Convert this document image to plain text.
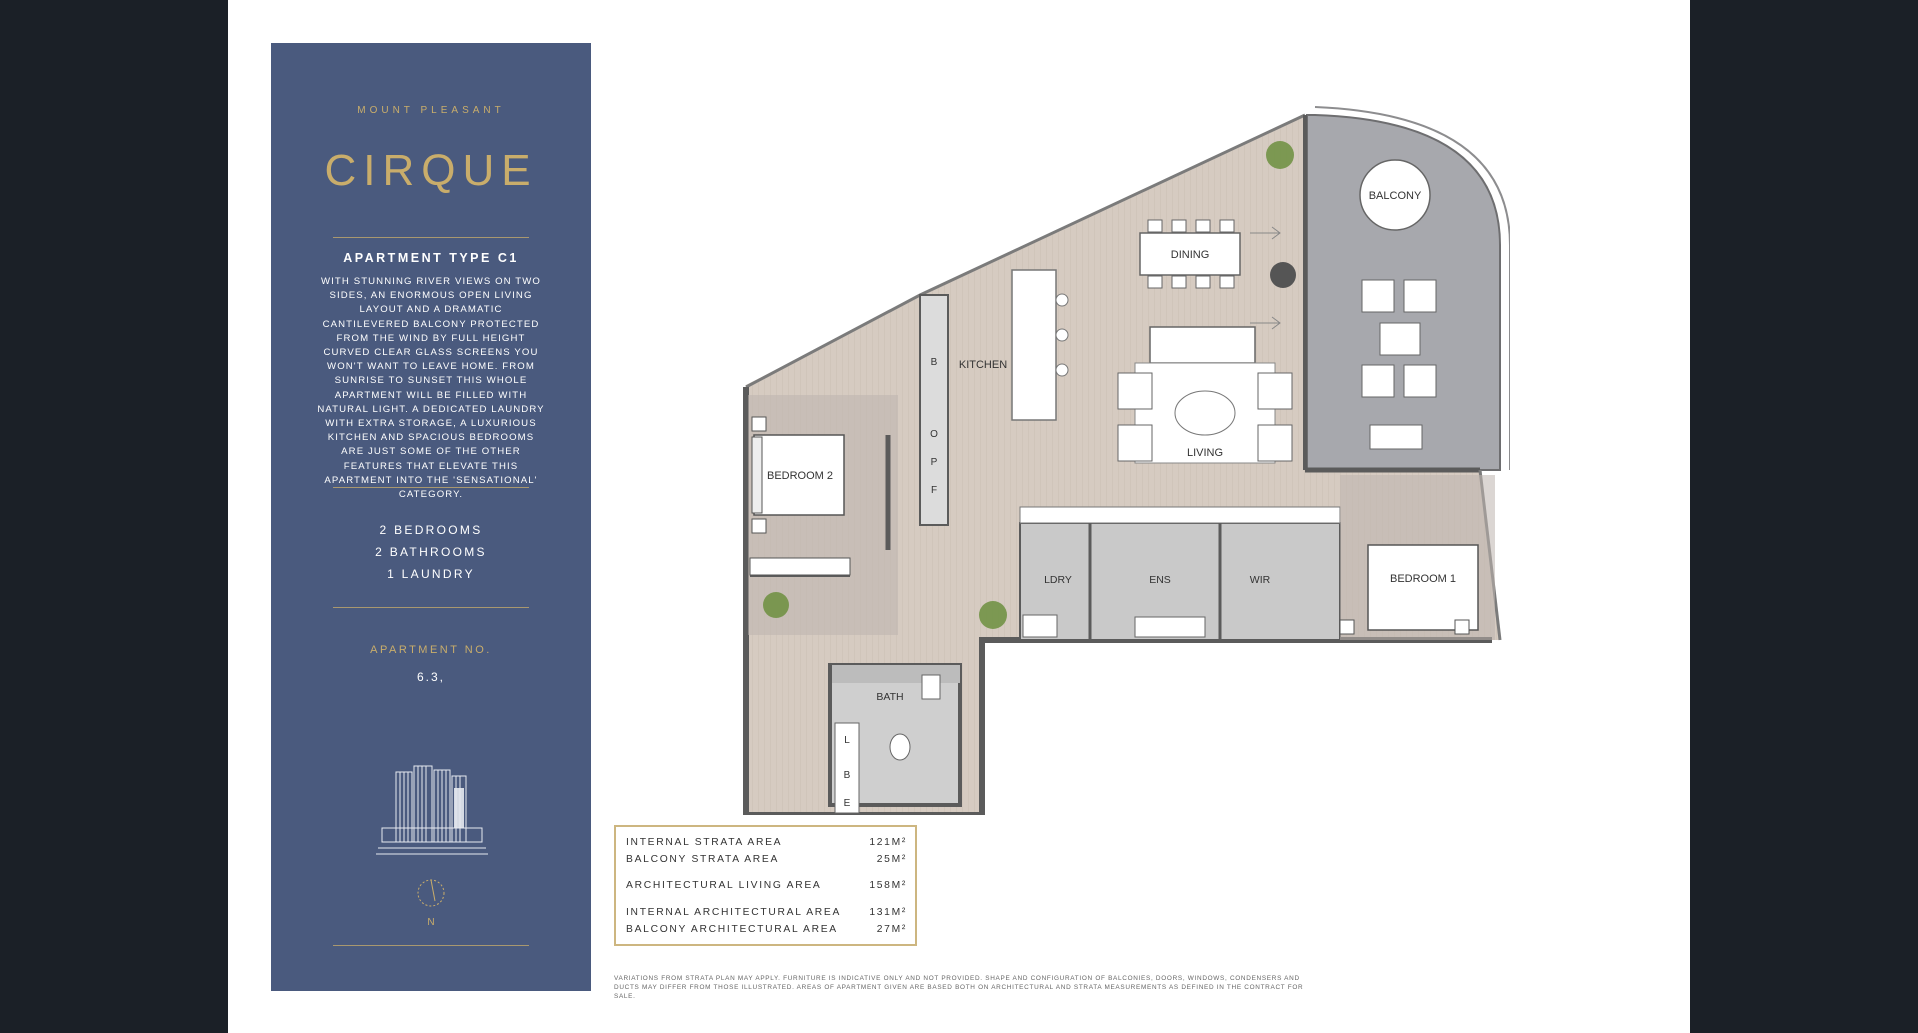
MOUNT PLEASANT
CIRQUE
APARTMENT TYPE C1
WITH STUNNING RIVER VIEWS ON TWO SIDES, AN ENORMOUS OPEN LIVING LAYOUT AND A DRAMATIC CANTILEVERED BALCONY PROTECTED FROM THE WIND BY FULL HEIGHT CURVED CLEAR GLASS SCREENS YOU WON'T WANT TO LEAVE HOME. FROM SUNRISE TO SUNSET THIS WHOLE APARTMENT WILL BE FILLED WITH NATURAL LIGHT. A DEDICATED LAUNDRY WITH EXTRA STORAGE, A LUXURIOUS KITCHEN AND SPACIOUS BEDROOMS ARE JUST SOME OF THE OTHER FEATURES THAT ELEVATE THIS APARTMENT INTO THE 'SENSATIONAL' CATEGORY.
2 BEDROOMS
2 BATHROOMS
1 LAUNDRY
APARTMENT NO.
6.3,
N
BEDROOM 2
B
O
P
F
KITCHEN
DINING
LIVING
BALCONY
LDRY	ENS	WIR	BEDROOM 1
BATH
L
B
E
INTERNAL STRATA AREA	121M²
BALCONY STRATA AREA	25M²
ARCHITECTURAL LIVING AREA	158M²
INTERNAL ARCHITECTURAL AREA	131M²
BALCONY ARCHITECTURAL AREA	27M²
VARIATIONS FROM STRATA PLAN MAY APPLY. FURNITURE IS INDICATIVE ONLY AND NOT PROVIDED. SHAPE AND CONFIGURATION OF BALCONIES, DOORS, WINDOWS, CONDENSERS AND DUCTS MAY DIFFER FROM THOSE ILLUSTRATED. AREAS OF APARTMENT GIVEN ARE BASED BOTH ON ARCHITECTURAL AND STRATA MEASUREMENTS AS DEFINED IN THE CONTRACT FOR SALE.
